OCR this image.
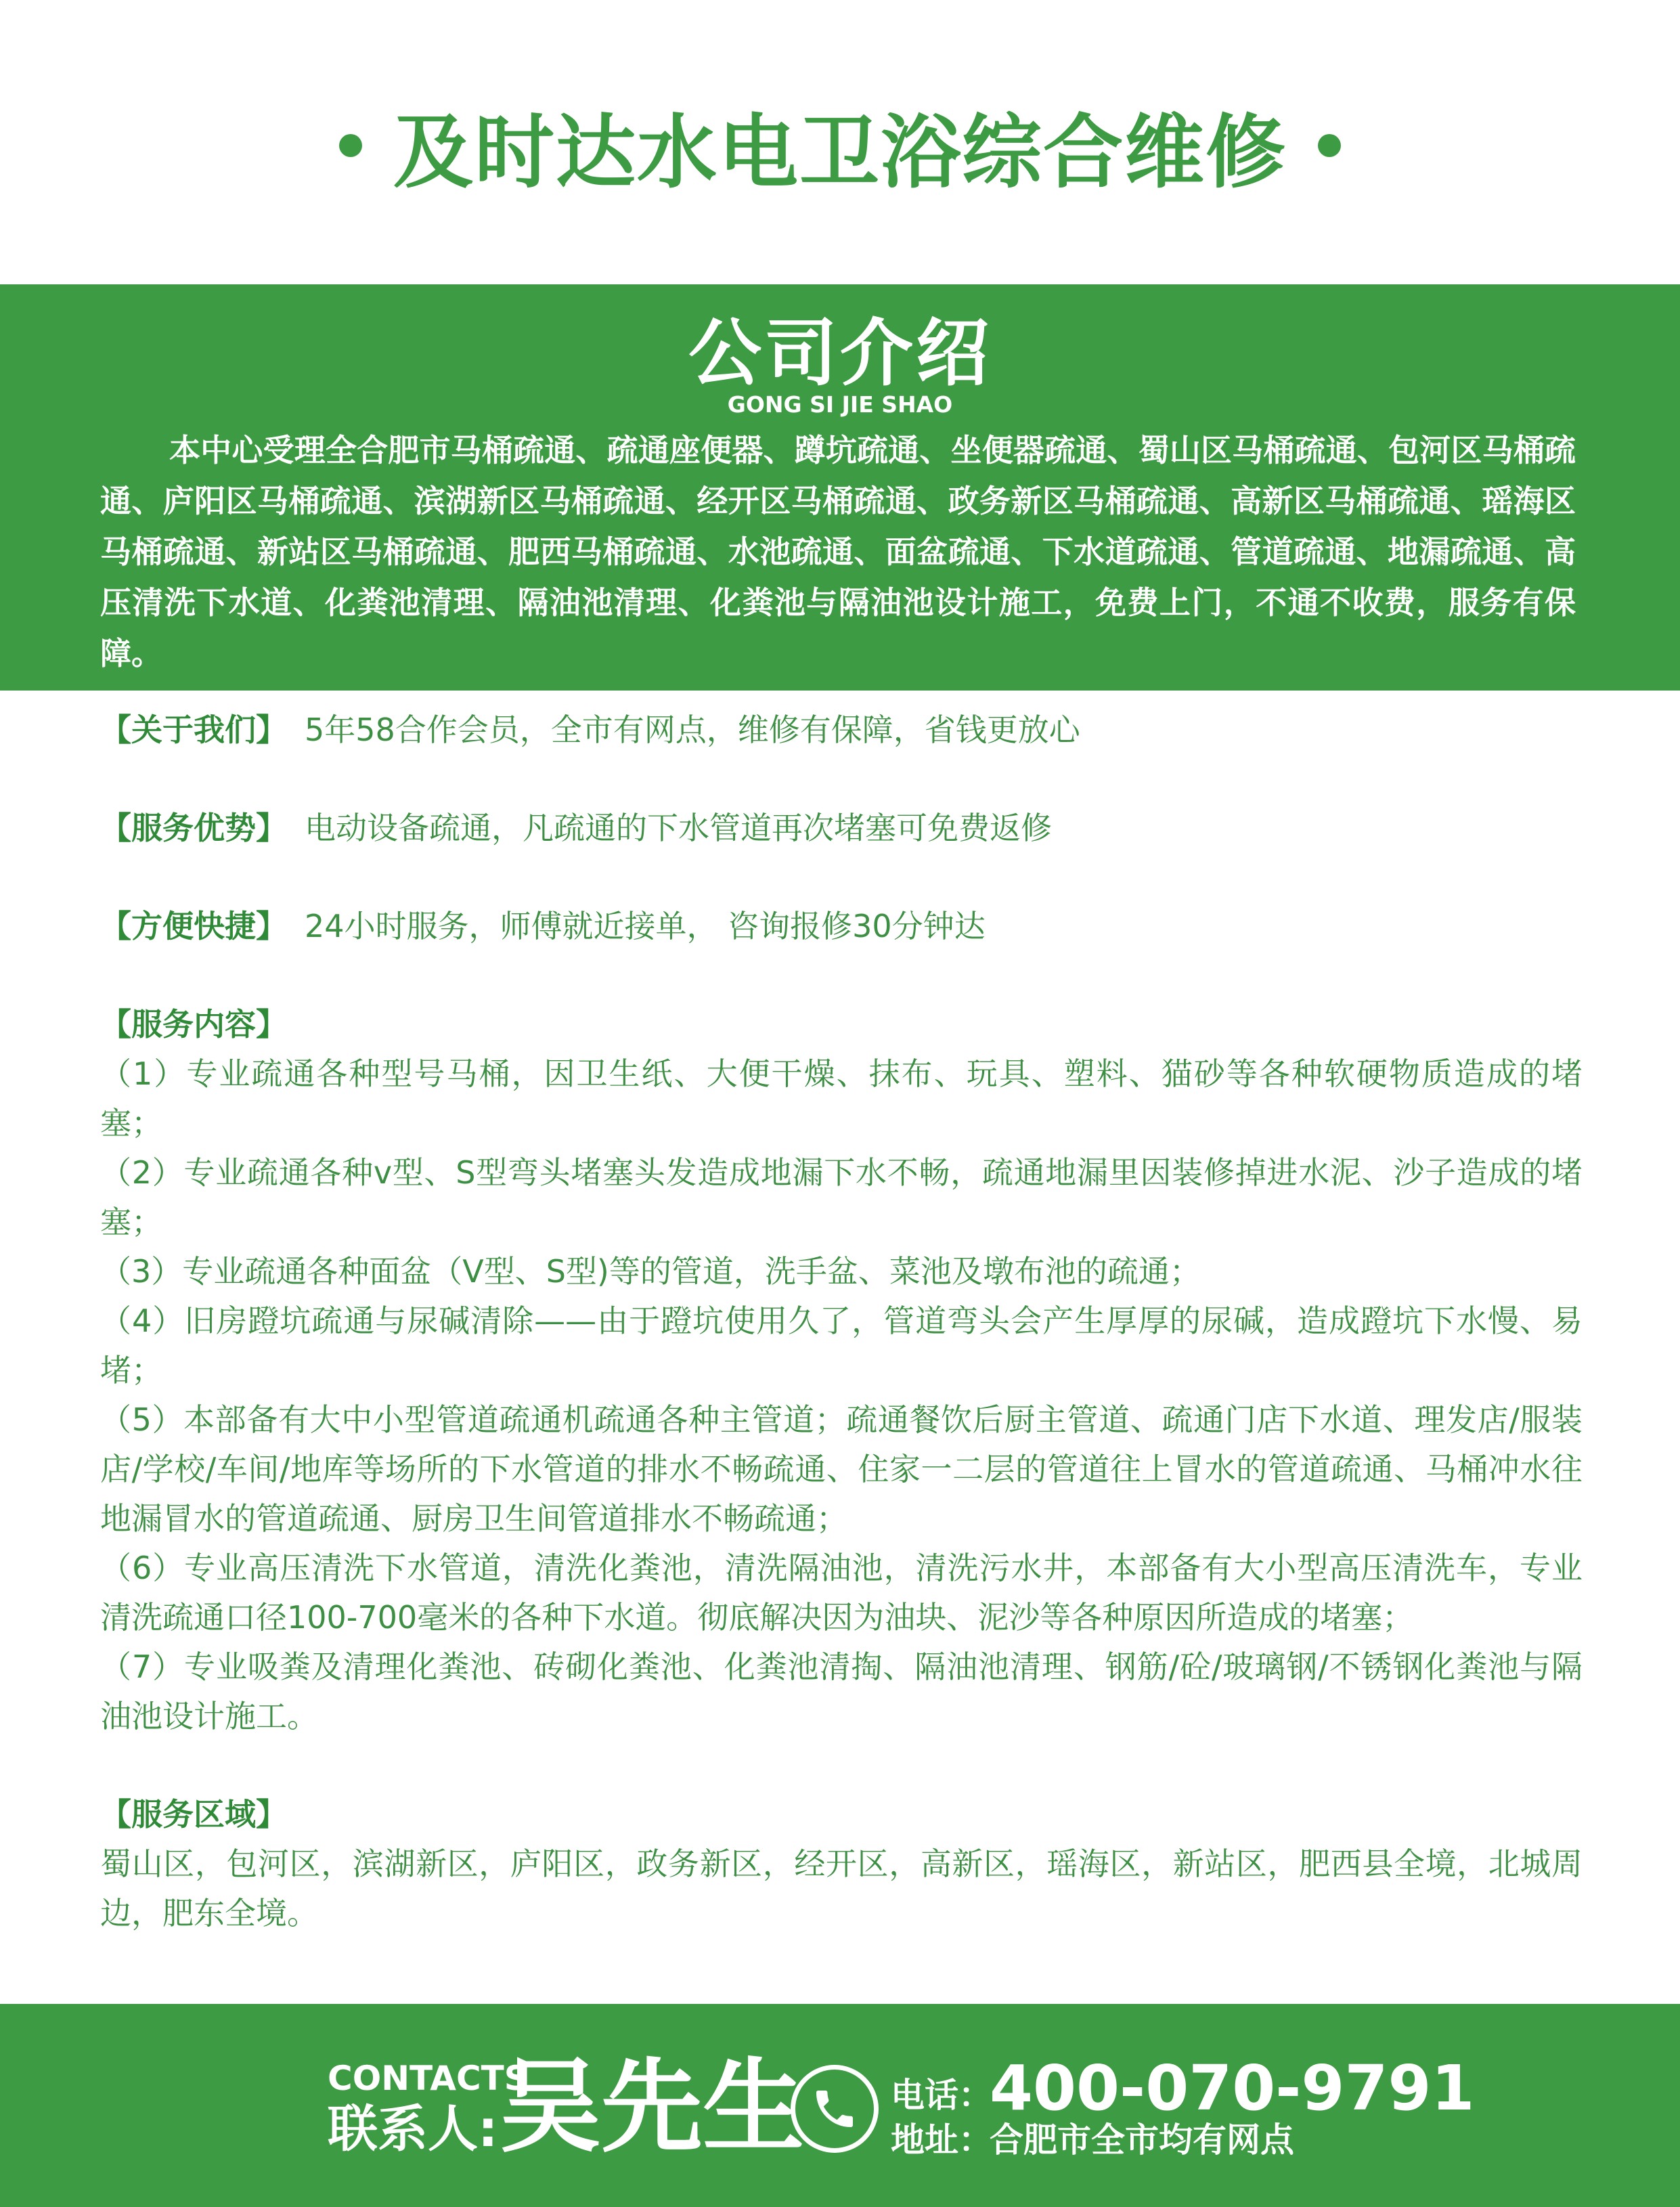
及时达水电卫浴综合维修
公司介绍
GONG SI JIE SHAO
本中心受理全合肥市马桶疏通、疏通座便器、蹲坑疏通、坐便器疏通、蜀山区马桶疏通、包河区马桶疏通、庐阳区马桶疏通、滨湖新区马桶疏通、经开区马桶疏通、政务新区马桶疏通、高新区马桶疏通、瑶海区马桶疏通、新站区马桶疏通、肥西马桶疏通、水池疏通、面盆疏通、下水道疏通、管道疏通、地漏疏通、高压清洗下水道、化粪池清理、隔油池清理、化粪池与隔油池设计施工，免费上门，不通不收费，服务有保障。
【关于我们】 5年58合作会员，全市有网点，维修有保障，省钱更放心
【服务优势】 电动设备疏通，凡疏通的下水管道再次堵塞可免费返修
【方便快捷】 24小时服务，师傅就近接单， 咨询报修30分钟达
【服务内容】
（1）专业疏通各种型号马桶，因卫生纸、大便干燥、抹布、玩具、塑料、猫砂等各种软硬物质造成的堵塞；
（2）专业疏通各种v型、S型弯头堵塞头发造成地漏下水不畅，疏通地漏里因装修掉进水泥、沙子造成的堵塞；
（3）专业疏通各种面盆（V型、S型)等的管道，洗手盆、菜池及墩布池的疏通；
（4）旧房蹬坑疏通与尿碱清除——由于蹬坑使用久了，管道弯头会产生厚厚的尿碱，造成蹬坑下水慢、易堵；
（5）本部备有大中小型管道疏通机疏通各种主管道；疏通餐饮后厨主管道、疏通门店下水道、理发店/服装店/学校/车间/地库等场所的下水管道的排水不畅疏通、住家一二层的管道往上冒水的管道疏通、马桶冲水往地漏冒水的管道疏通、厨房卫生间管道排水不畅疏通；
（6）专业高压清洗下水管道，清洗化粪池，清洗隔油池，清洗污水井，本部备有大小型高压清洗车，专业清洗疏通口径100-700毫米的各种下水道。彻底解决因为油块、泥沙等各种原因所造成的堵塞；
（7）专业吸粪及清理化粪池、砖砌化粪池、化粪池清掏、隔油池清理、钢筋/砼/玻璃钢/不锈钢化粪池与隔油池设计施工。
【服务区域】
蜀山区，包河区，滨湖新区，庐阳区，政务新区，经开区，高新区，瑶海区，新站区，肥西县全境，北城周边，肥东全境。
CONTACTS
联系人: 吴先生	电话：
400-070-9791
地址：
合肥市全市均有网点
